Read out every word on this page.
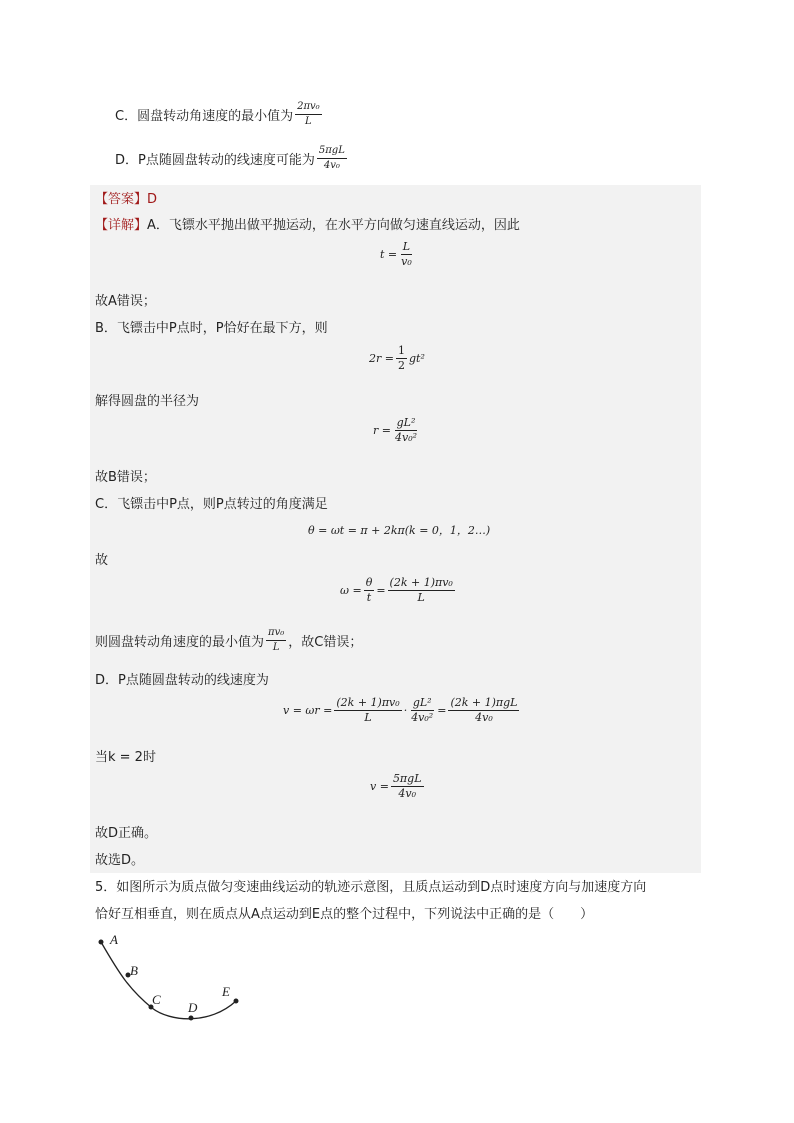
C．圆盘转动角速度的最小值为 $\frac{\text{2πv₀}}{L}$
D．P点随圆盘转动的线速度可能为 $\frac{\text{5πgL}}{\text{4v₀}}$
【答案】D
【详解】A．飞镖水平抛出做平抛运动，在水平方向做匀速直线运动，因此
$t = \frac{L}{\text{v₀}}$
故A错误；
B．飞镖击中P点时，P恰好在最下方，则
$2r = \frac{1}{2} gt^2$
解得圆盘的半径为
$r = \frac{\text{gL²}}{\text{4v₀²}}$
故B错误；
C．飞镖击中P点，则P点转过的角度满足
θ = ωt = π + 2kπ(k = 0，1，2…)
故
$\omega = \frac{\theta}{t} = \frac{\text{(2k + 1)πv₀}}{L}$
则圆盘转动角速度的最小值为 $\frac{\text{πv₀}}{L}$ ，故C错误；
D．P点随圆盘转动的线速度为
$v = \omega r = \frac{\text{(2k + 1)πv₀}}{L} \cdot \frac{\text{gL²}}{\text{4v₀²}} = \frac{\text{(2k + 1)πgL}}{\text{4v₀}}$
当k = 2时
$v = \frac{\text{5πgL}}{\text{4v₀}}$
故D正确。
故选D。
5．如图所示为质点做匀变速曲线运动的轨迹示意图，且质点运动到D点时速度方向与加速度方向
恰好互相垂直，则在质点从A点运动到E点的整个过程中，下列说法中正确的是（　　）
A
B
C
D
E
